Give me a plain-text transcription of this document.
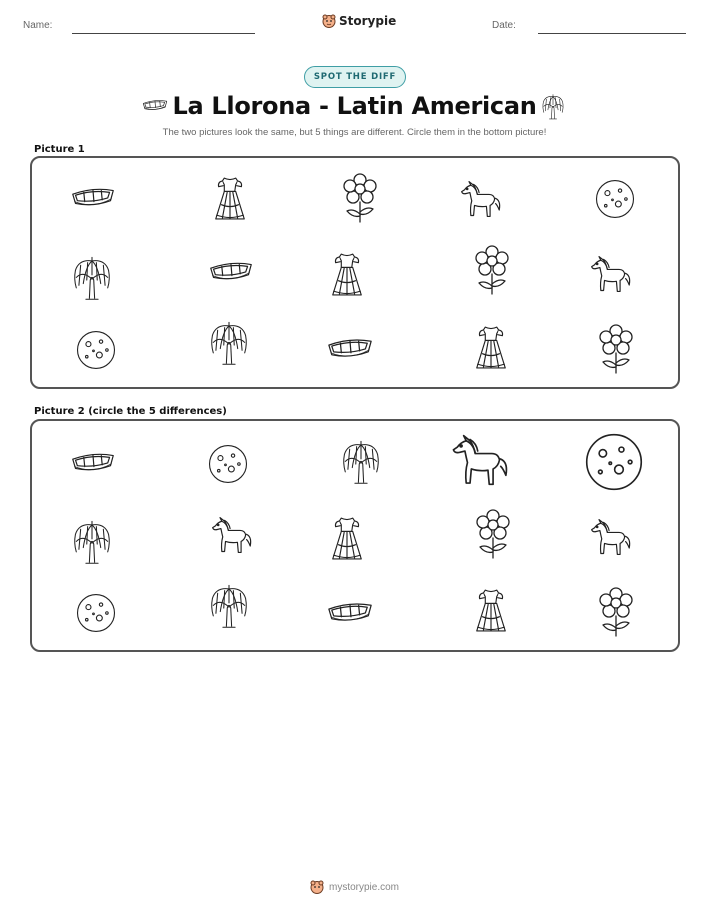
Name:	Storypie	Date:
SPOT THE DIFF
La Llorona - Latin American
The two pictures look the same, but 5 things are different. Circle them in the bottom picture!
Picture 1
Picture 2 (circle the 5 differences)
mystorypie.com
